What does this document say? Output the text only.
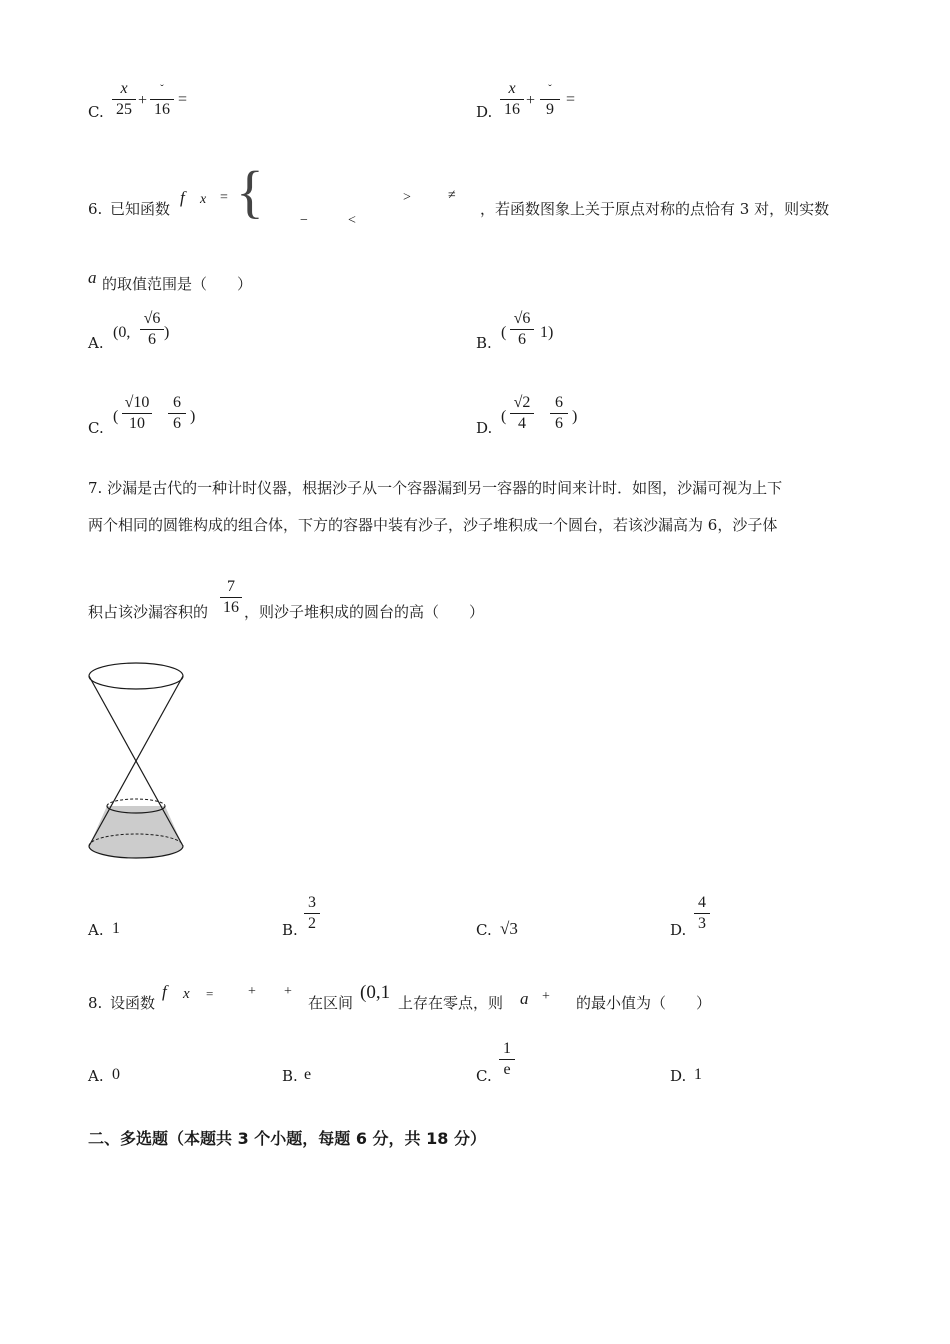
C.
x
25
+
ˇ
16
=
D.
x
16
+
ˇ
9
=
6. 已知函数
f x = {	>	≠
−	<
，若函数图象上关于原点对称的点恰有 3 对，则实数
a 的取值范围是（　　）
A.
(0,
√6
6 )
B.
(
√6
6 1)
C.
(
√10
10
6
6 )
D.
(
√2
4
6
6 )
7. 沙漏是古代的一种计时仪器，根据沙子从一个容器漏到另一容器的时间来计时．如图，沙漏可视为上下
两个相同的圆锥构成的组合体，下方的容器中装有沙子，沙子堆积成一个圆台，若该沙漏高为 6，沙子体
积占该沙漏容积的
7
16 ，则沙子堆积成的圆台的高（　　）
A. 1	B.
3
2	C. √3	D.
4
3
8. 设函数
f x = + +
在区间 (0,1 上存在零点，则 a + 的最小值为（　　）
A. 0	B. e	C.
1
e	D. 1
二、多选题（本题共 3 个小题，每题 6 分，共 18 分）
